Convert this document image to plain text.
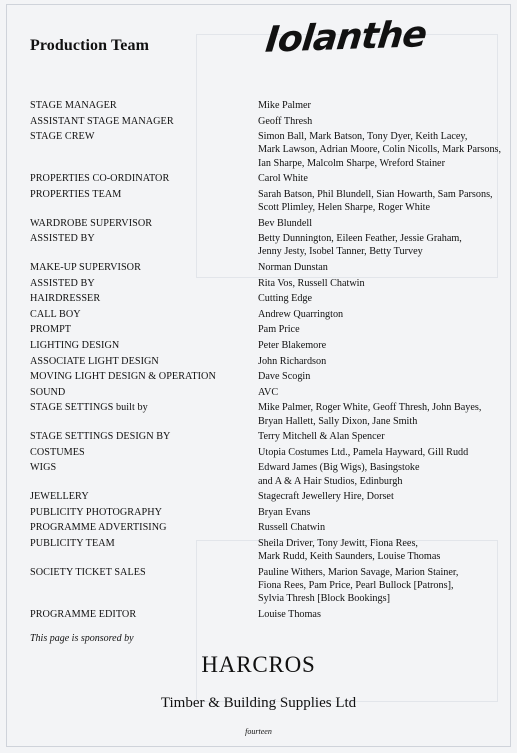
Production Team	Iolanthe
STAGE MANAGER	Mike Palmer
ASSISTANT STAGE MANAGER	Geoff Thresh
STAGE CREW	Simon Ball, Mark Batson, Tony Dyer, Keith Lacey,
Mark Lawson, Adrian Moore, Colin Nicolls, Mark Parsons,
Ian Sharpe, Malcolm Sharpe, Wreford Stainer
PROPERTIES CO-ORDINATOR	Carol White
PROPERTIES TEAM	Sarah Batson, Phil Blundell, Sian Howarth, Sam Parsons,
Scott Plimley, Helen Sharpe, Roger White
WARDROBE SUPERVISOR	Bev Blundell
ASSISTED BY	Betty Dunnington, Eileen Feather, Jessie Graham,
Jenny Jesty, Isobel Tanner, Betty Turvey
MAKE-UP SUPERVISOR	Norman Dunstan
ASSISTED BY	Rita Vos, Russell Chatwin
HAIRDRESSER	Cutting Edge
CALL BOY	Andrew Quarrington
PROMPT	Pam Price
LIGHTING DESIGN	Peter Blakemore
ASSOCIATE LIGHT DESIGN	John Richardson
MOVING LIGHT DESIGN & OPERATION	Dave Scogin
SOUND	AVC
STAGE SETTINGS built by	Mike Palmer, Roger White, Geoff Thresh, John Bayes,
Bryan Hallett, Sally Dixon, Jane Smith
STAGE SETTINGS DESIGN BY	Terry Mitchell & Alan Spencer
COSTUMES	Utopia Costumes Ltd., Pamela Hayward, Gill Rudd
WIGS	Edward James (Big Wigs), Basingstoke
and A & A Hair Studios, Edinburgh
JEWELLERY	Stagecraft Jewellery Hire, Dorset
PUBLICITY PHOTOGRAPHY	Bryan Evans
PROGRAMME ADVERTISING	Russell Chatwin
PUBLICITY TEAM	Sheila Driver, Tony Jewitt, Fiona Rees,
Mark Rudd, Keith Saunders, Louise Thomas
SOCIETY TICKET SALES	Pauline Withers, Marion Savage, Marion Stainer,
Fiona Rees, Pam Price, Pearl Bullock [Patrons],
Sylvia Thresh [Block Bookings]
PROGRAMME EDITOR	Louise Thomas
This page is sponsored by
HARCROS
Timber & Building Supplies Ltd
fourteen
